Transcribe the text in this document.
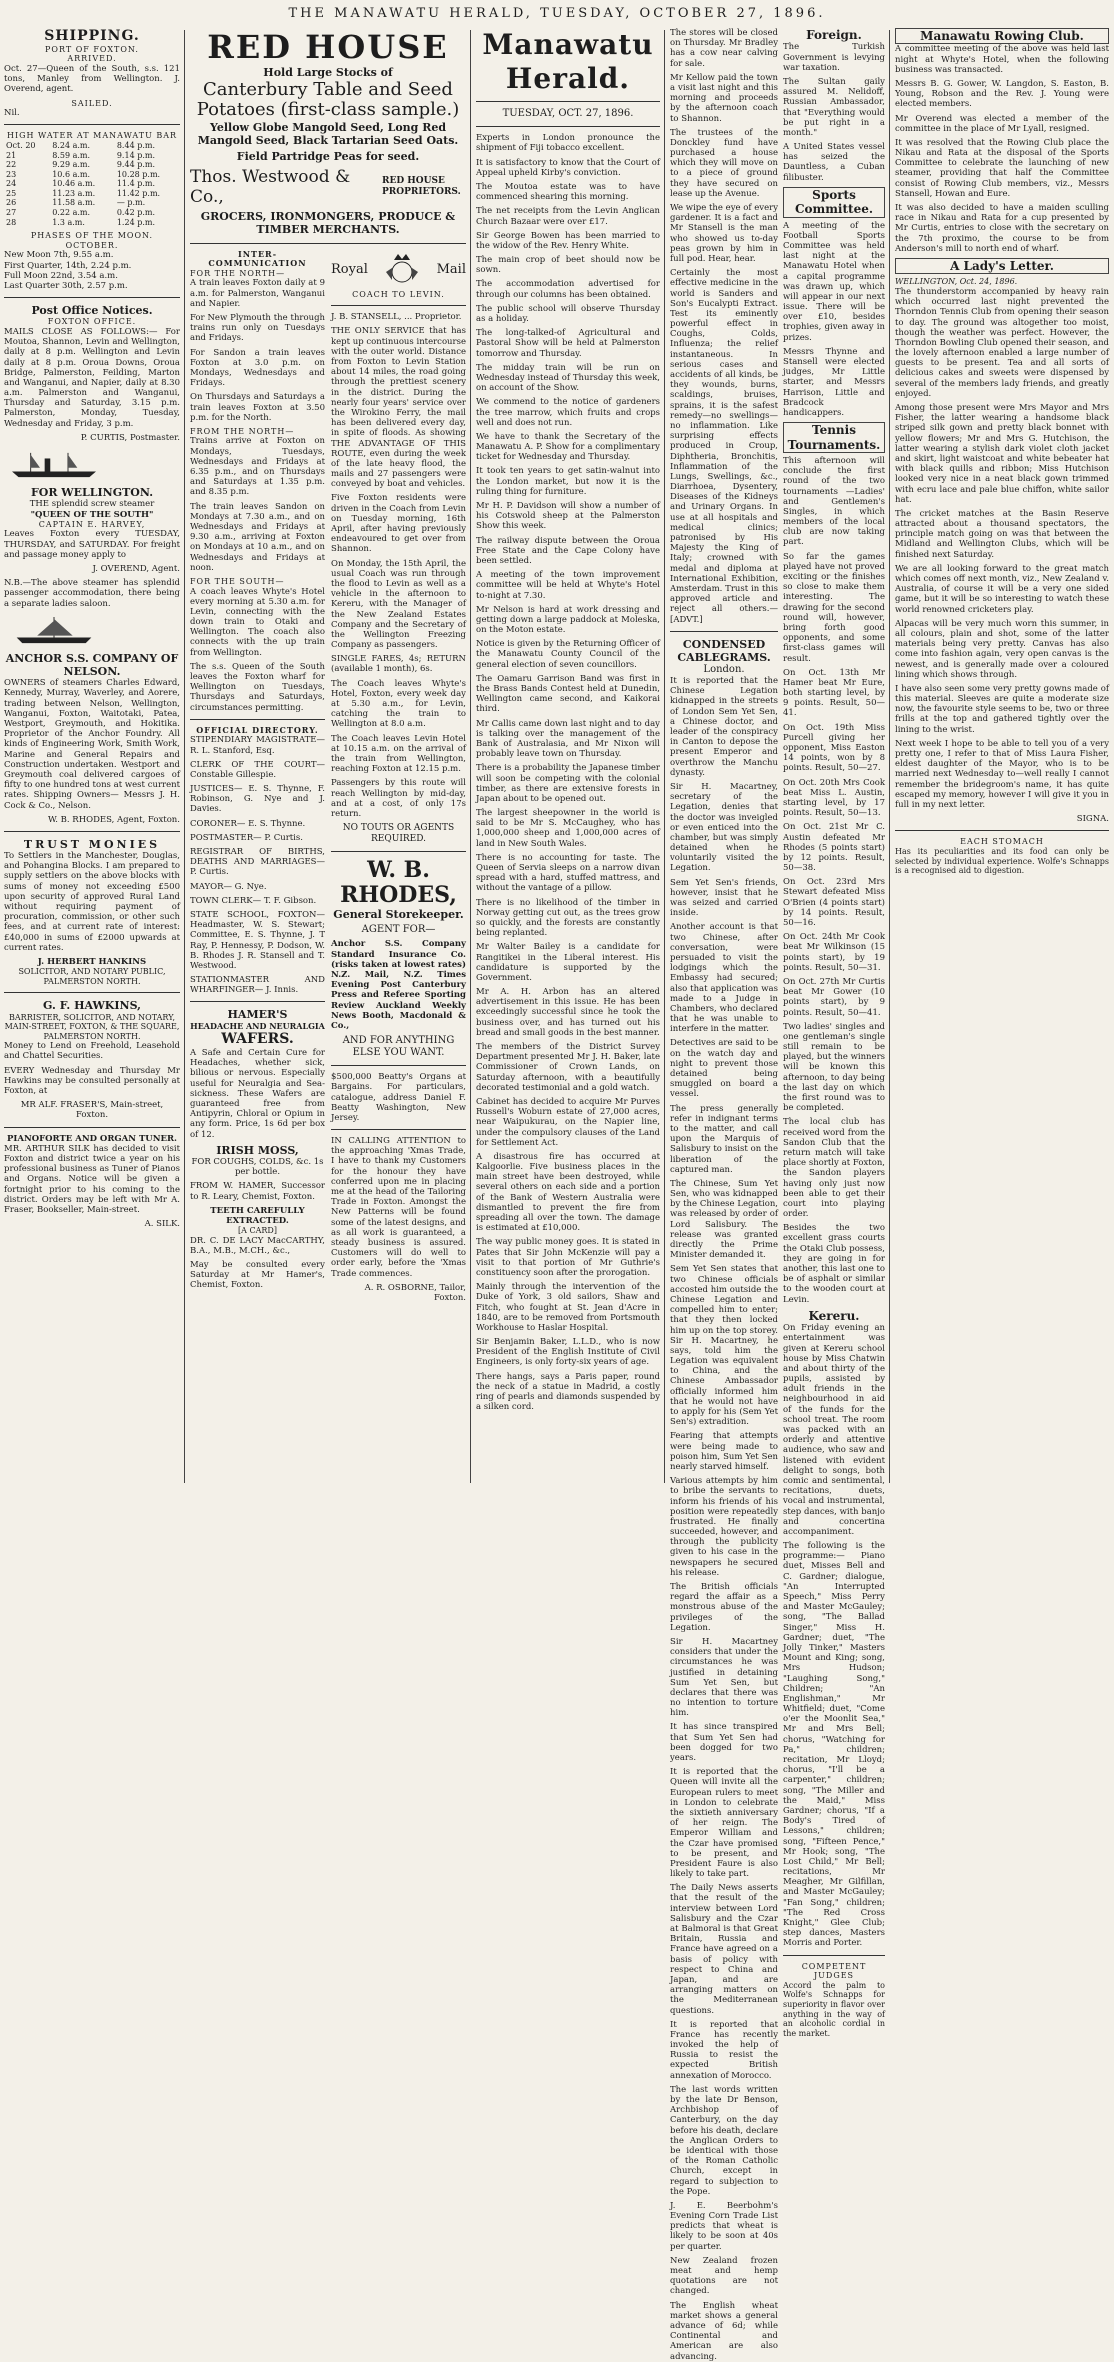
THE MANAWATU HERALD, TUESDAY, OCTOBER 27, 1896.
SHIPPING.
PORT OF FOXTON.
ARRIVED.

Oct. 27—Queen of the South, s.s. 121 tons, Manley from Wellington. J. Overend, agent.

SAILED.

Nil.

HIGH WATER AT MANAWATU BAR
Oct. 20	8.24 a.m.	8.44 p.m.
21	8.59 a.m.	9.14 p.m.
22	9.29 a.m.	9.44 p.m.
23	10.6 a.m.	10.28 p.m.
24	10.46 a.m.	11.4 p.m.
25	11.23 a.m.	11.42 p.m.
26	11.58 a.m.	— p.m.
27	0.22 a.m.	0.42 p.m.
28	1.3 a.m.	1.24 p.m.
PHASES OF THE MOON.
OCTOBER.
New Moon 7th, 9.55 a.m.
First Quarter, 14th, 2.24 p.m.
Full Moon 22nd, 3.54 a.m.
Last Quarter 30th, 2.57 p.m.
Post Office Notices.
FOXTON OFFICE.

MAILS CLOSE AS FOLLOWS:— For Moutoa, Shannon, Levin and Wellington, daily at 8 p.m. Wellington and Levin daily at 8 p.m. Oroua Downs, Oroua Bridge, Palmerston, Feilding, Marton and Wanganui, and Napier, daily at 8.30 a.m. Palmerston and Wanganui, Thursday and Saturday, 3.15 p.m. Palmerston, Monday, Tuesday, Wednesday and Friday, 3 p.m.

P. CURTIS, Postmaster.

FOR WELLINGTON.
THE splendid screw steamer
"QUEEN OF THE SOUTH"
CAPTAIN E. HARVEY,

Leaves Foxton every TUESDAY, THURSDAY, and SATURDAY. For freight and passage money apply to

J. OVEREND, Agent.

N.B.—The above steamer has splendid passenger accommodation, there being a separate ladies saloon.

ANCHOR S.S. COMPANY OF NELSON.

OWNERS of steamers Charles Edward, Kennedy, Murray, Waverley, and Aorere, trading between Nelson, Wellington, Wanganui, Foxton, Waitotaki, Patea, Westport, Greymouth, and Hokitika. Proprietor of the Anchor Foundry. All kinds of Engineering Work, Smith Work, Marine and General Repairs and Construction undertaken. Westport and Greymouth coal delivered cargoes of fifty to one hundred tons at west current rates. Shipping Owners— Messrs J. H. Cock & Co., Nelson.

W. B. RHODES, Agent, Foxton.

TRUST MONIES

To Settlers in the Manchester, Douglas, and Pohangina Blocks. I am prepared to supply settlers on the above blocks with sums of money not exceeding £500 upon security of approved Rural Land without requiring payment of procuration, commission, or other such fees, and at current rate of interest: £40,000 in sums of £2000 upwards at current rates.

J. HERBERT HANKINS
SOLICITOR, AND NOTARY PUBLIC, PALMERSTON NORTH.
G. F. HAWKINS,
BARRISTER, SOLICITOR, AND NOTARY, MAIN-STREET, FOXTON, & THE SQUARE, PALMERSTON NORTH.

Money to Lend on Freehold, Leasehold and Chattel Securities.

EVERY Wednesday and Thursday Mr Hawkins may be consulted personally at Foxton, at

MR ALF. FRASER'S, Main-street, Foxton.
PIANOFORTE AND ORGAN TUNER.

MR. ARTHUR SILK has decided to visit Foxton and district twice a year on his professional business as Tuner of Pianos and Organs. Notice will be given a fortnight prior to his coming to the district. Orders may be left with Mr A. Fraser, Bookseller, Main-street.

A. SILK.

RED HOUSE
Hold Large Stocks of
Canterbury Table and Seed Potatoes (first-class sample.)
Yellow Globe Mangold Seed, Long Red Mangold Seed, Black Tartarian Seed Oats.
Field Partridge Peas for seed.
Thos. Westwood & Co.,
RED HOUSE PROPRIETORS.
GROCERS, IRONMONGERS, PRODUCE & TIMBER MERCHANTS.
INTER-COMMUNICATION
FOR THE NORTH—

A train leaves Foxton daily at 9 a.m. for Palmerston, Wanganui and Napier.

For New Plymouth the through trains run only on Tuesdays and Fridays.

For Sandon a train leaves Foxton at 3.0 p.m. on Mondays, Wednesdays and Fridays.

On Thursdays and Saturdays a train leaves Foxton at 3.50 p.m. for the North.

FROM THE NORTH—

Trains arrive at Foxton on Mondays, Tuesdays, Wednesdays and Fridays at 6.35 p.m., and on Thursdays and Saturdays at 1.35 p.m. and 8.35 p.m.

The train leaves Sandon on Mondays at 7.30 a.m., and on Wednesdays and Fridays at 9.30 a.m., arriving at Foxton on Mondays at 10 a.m., and on Wednesdays and Fridays at noon.

FOR THE SOUTH—

A coach leaves Whyte's Hotel every morning at 5.30 a.m. for Levin, connecting with the down train to Otaki and Wellington. The coach also connects with the up train from Wellington.

The s.s. Queen of the South leaves the Foxton wharf for Wellington on Tuesdays, Thursdays and Saturdays, circumstances permitting.

OFFICIAL DIRECTORY.

STIPENDIARY MAGISTRATE— R. L. Stanford, Esq.

CLERK OF THE COURT— Constable Gillespie.

JUSTICES— E. S. Thynne, F. Robinson, G. Nye and J. Davies.

CORONER— E. S. Thynne.

POSTMASTER— P. Curtis.

REGISTRAR OF BIRTHS, DEATHS AND MARRIAGES— P. Curtis.

MAYOR— G. Nye.

TOWN CLERK— T. F. Gibson.

STATE SCHOOL, FOXTON— Headmaster, W. S. Stewart; Committee, E. S. Thynne, J. T Ray, P. Hennessy, P. Dodson, W. B. Rhodes J. R. Stansell and T. Westwood.

STATIONMASTER AND WHARFINGER— J. Innis.

HAMER'S
HEADACHE AND NEURALGIA
WAFERS.

A Safe and Certain Cure for Headaches, whether sick, bilious or nervous. Especially useful for Neuralgia and Sea-sickness. These Wafers are guaranteed free from Antipyrin, Chloral or Opium in any form. Price, 1s 6d per box of 12.

IRISH MOSS,

FOR COUGHS, COLDS, &c. 1s per bottle.

FROM W. HAMER, Successor to R. Leary, Chemist, Foxton.

TEETH CAREFULLY EXTRACTED.
[A CARD]

DR. C. DE LACY MacCARTHY, B.A., M.B., M.CH., &c.,

May be consulted every Saturday at Mr Hamer's, Chemist, Foxton.

Royal	Mail
COACH TO LEVIN.

J. B. STANSELL, ... Proprietor.

THE ONLY SERVICE that has kept up continuous intercourse with the outer world. Distance from Foxton to Levin Station about 14 miles, the road going through the prettiest scenery in the district. During the nearly four years' service over the Wirokino Ferry, the mail has been delivered every day, in spite of floods. As showing THE ADVANTAGE OF THIS ROUTE, even during the week of the late heavy flood, the mails and 27 passengers were conveyed by boat and vehicles.

Five Foxton residents were driven in the Coach from Levin on Tuesday morning, 16th April, after having previously endeavoured to get over from Shannon.

On Monday, the 15th April, the usual Coach was run through the flood to Levin as well as a vehicle in the afternoon to Kereru, with the Manager of the New Zealand Estates Company and the Secretary of the Wellington Freezing Company as passengers.

SINGLE FARES, 4s; RETURN (available 1 month), 6s.

The Coach leaves Whyte's Hotel, Foxton, every week day at 5.30 a.m., for Levin, catching the train to Wellington at 8.0 a.m.

The Coach leaves Levin Hotel at 10.15 a.m. on the arrival of the train from Wellington, reaching Foxton at 12.15 p.m.

Passengers by this route will reach Wellington by mid-day, and at a cost, of only 17s return.

NO TOUTS OR AGENTS REQUIRED.
W. B. RHODES,
General Storekeeper.
AGENT FOR—

Anchor S.S. Company Standard Insurance Co. (risks taken at lowest rates) N.Z. Mail, N.Z. Times Evening Post Canterbury Press and Referee Sporting Review Auckland Weekly News Booth, Macdonald & Co.,

AND FOR ANYTHING ELSE YOU WANT.

$500,000 Beatty's Organs at Bargains. For particulars, catalogue, address Daniel F. Beatty Washington, New Jersey.

IN CALLING ATTENTION to the approaching 'Xmas Trade, I have to thank my Customers for the honour they have conferred upon me in placing me at the head of the Tailoring Trade in Foxton. Amongst the New Patterns will be found some of the latest designs, and as all work is guaranteed, a steady business is assured. Customers will do well to order early, before the 'Xmas Trade commences.

A. R. OSBORNE, Tailor, Foxton.

Manawatu Herald.
TUESDAY, OCT. 27, 1896.

Experts in London pronounce the shipment of Fiji tobacco excellent.

It is satisfactory to know that the Court of Appeal upheld Kirby's conviction.

The Moutoa estate was to have commenced shearing this morning.

The net receipts from the Levin Anglican Church Bazaar were over £17.

Sir George Bowen has been married to the widow of the Rev. Henry White.

The main crop of beet should now be sown.

The accommodation advertised for through our columns has been obtained.

The public school will observe Thursday as a holiday.

The long-talked-of Agricultural and Pastoral Show will be held at Palmerston tomorrow and Thursday.

The midday train will be run on Wednesday instead of Thursday this week, on account of the Show.

We commend to the notice of gardeners the tree marrow, which fruits and crops well and does not run.

We have to thank the Secretary of the Manawatu A. P. Show for a complimentary ticket for Wednesday and Thursday.

It took ten years to get satin-walnut into the London market, but now it is the ruling thing for furniture.

Mr H. P. Davidson will show a number of his Cotswold sheep at the Palmerston Show this week.

The railway dispute between the Oroua Free State and the Cape Colony have been settled.

A meeting of the town improvement committee will be held at Whyte's Hotel to-night at 7.30.

Mr Nelson is hard at work dressing and getting down a large paddock at Moleska, on the Moton estate.

Notice is given by the Returning Officer of the Manawatu County Council of the general election of seven councillors.

The Oamaru Garrison Band was first in the Brass Bands Contest held at Dunedin, Wellington came second, and Kaikorai third.

Mr Callis came down last night and to day is talking over the management of the Bank of Australasia, and Mr Nixon will probably leave town on Thursday.

There is a probability the Japanese timber will soon be competing with the colonial timber, as there are extensive forests in Japan about to be opened out.

The largest sheepowner in the world is said to be Mr S. McCaughey, who has 1,000,000 sheep and 1,000,000 acres of land in New South Wales.

There is no accounting for taste. The Queen of Servia sleeps on a narrow divan spread with a hard, stuffed mattress, and without the vantage of a pillow.

There is no likelihood of the timber in Norway getting cut out, as the trees grow so quickly, and the forests are constantly being replanted.

Mr Walter Bailey is a candidate for Rangitikei in the Liberal interest. His candidature is supported by the Government.

Mr A. H. Arbon has an altered advertisement in this issue. He has been exceedingly successful since he took the business over, and has turned out his bread and small goods in the best manner.

The members of the District Survey Department presented Mr J. H. Baker, late Commissioner of Crown Lands, on Saturday afternoon, with a beautifully decorated testimonial and a gold watch.

Cabinet has decided to acquire Mr Purves Russell's Woburn estate of 27,000 acres, near Waipukurau, on the Napier line, under the compulsory clauses of the Land for Settlement Act.

A disastrous fire has occurred at Kalgoorlie. Five business places in the main street have been destroyed, while several others on each side and a portion of the Bank of Western Australia were dismantled to prevent the fire from spreading all over the town. The damage is estimated at £10,000.

The way public money goes. It is stated in Pates that Sir John McKenzie will pay a visit to that portion of Mr Guthrie's constituency soon after the prorogation.

Mainly through the intervention of the Duke of York, 3 old sailors, Shaw and Fitch, who fought at St. Jean d'Acre in 1840, are to be removed from Portsmouth Workhouse to Haslar Hospital.

Sir Benjamin Baker, L.L.D., who is now President of the English Institute of Civil Engineers, is only forty-six years of age.

There hangs, says a Paris paper, round the neck of a statue in Madrid, a costly ring of pearls and diamonds suspended by a silken cord.

The stores will be closed on Thursday. Mr Bradley has a cow near calving for sale.

Mr Kellow paid the town a visit last night and this morning and proceeds by the afternoon coach to Shannon.

The trustees of the Donckley fund have purchased a house which they will move on to a piece of ground they have secured on lease up the Avenue.

We wipe the eye of every gardener. It is a fact and Mr Stansell is the man who showed us to-day peas grown by him in full pod. Hear, hear.

Certainly the most effective medicine in the world is Sanders and Son's Eucalypti Extract. Test its eminently powerful effect in Coughs, Colds, Influenza; the relief instantaneous. In serious cases and accidents of all kinds, be they wounds, burns, scaldings, bruises, sprains, it is the safest remedy—no swellings—no inflammation. Like surprising effects produced in Croup, Diphtheria, Bronchitis, Inflammation of the Lungs, Swellings, &c., Diarrhoea, Dysentery, Diseases of the Kidneys and Urinary Organs. In use at all hospitals and medical clinics; patronised by His Majesty the King of Italy; crowned with medal and diploma at International Exhibition, Amsterdam. Trust in this approved article and reject all others.—[ADVT.]

CONDENSED CABLEGRAMS.
London.

It is reported that the Chinese Legation kidnapped in the streets of London Sem Yet Sen, a Chinese doctor, and leader of the conspiracy in Canton to depose the present Emperor and overthrow the Manchu dynasty.

Sir H. Macartney, secretary of the Legation, denies that the doctor was inveigled or even enticed into the chamber, but was simply detained when he voluntarily visited the Legation.

Sem Yet Sen's friends, however, insist that he was seized and carried inside.

Another account is that two Chinese, after conversation, were persuaded to visit the lodgings which the Embassy had secured; also that application was made to a Judge in Chambers, who declared that he was unable to interfere in the matter.

Detectives are said to be on the watch day and night to prevent those detained being smuggled on board a vessel.

The press generally refer in indignant terms to the matter, and call upon the Marquis of Salisbury to insist on the liberation of the captured man.

The Chinese, Sum Yet Sen, who was kidnapped by the Chinese Legation, was released by order of Lord Salisbury. The release was granted directly the Prime Minister demanded it.

Sem Yet Sen states that two Chinese officials accosted him outside the Chinese Legation and compelled him to enter; that they then locked him up on the top storey. Sir H. Macartney, he says, told him the Legation was equivalent to China, and the Chinese Ambassador officially informed him that he would not have to apply for his (Sem Yet Sen's) extradition.

Fearing that attempts were being made to poison him, Sum Yet Sen nearly starved himself.

Various attempts by him to bribe the servants to inform his friends of his position were repeatedly frustrated. He finally succeeded, however, and through the publicity given to his case in the newspapers he secured his release.

The British officials regard the affair as a monstrous abuse of the privileges of the Legation.

Sir H. Macartney considers that under the circumstances he was justified in detaining Sum Yet Sen, but declares that there was no intention to torture him.

It has since transpired that Sum Yet Sen had been dogged for two years.

It is reported that the Queen will invite all the European rulers to meet in London to celebrate the sixtieth anniversary of her reign. The Emperor William and the Czar have promised to be present, and President Faure is also likely to take part.

The Daily News asserts that the result of the interview between Lord Salisbury and the Czar at Balmoral is that Great Britain, Russia and France have agreed on a basis of policy with respect to China and Japan, and are arranging matters on the Mediterranean questions.

It is reported that France has recently invoked the help of Russia to resist the expected British annexation of Morocco.

The last words written by the late Dr Benson, Archbishop of Canterbury, on the day before his death, declare the Anglican Orders to be identical with those of the Roman Catholic Church, except in regard to subjection to the Pope.

J. E. Beerbohm's Evening Corn Trade List predicts that wheat is likely to be soon at 40s per quarter.

New Zealand frozen meat and hemp quotations are not changed.

The English wheat market shows a general advance of 6d; while Continental and American are also advancing.

Foreign.

The Turkish Government is levying war taxation.

The Sultan gaily assured M. Nelidoff, Russian Ambassador, that "Everything would be put right in a month."

A United States vessel has seized the Dauntless, a Cuban filibuster.

Sports Committee.

A meeting of the Football Sports Committee was held last night at the Manawatu Hotel when a capital programme was drawn up, which will appear in our next issue. There will be over £10, besides trophies, given away in prizes.

Messrs Thynne and Stansell were elected judges, Mr Little starter, and Messrs Harrison, Little and Bradcock handicappers.

Tennis Tournaments.

This afternoon will conclude the first round of the two tournaments —Ladies' and Gentlemen's Singles, in which members of the local club are now taking part.

So far the games played have not proved exciting or the finishes so close to make them interesting. The drawing for the second round will, however, bring forth good opponents, and some first-class games will result.

On Oct. 13th Mr Hamer beat Mr Eure, both starting level, by 9 points. Result, 50—41.

On Oct. 19th Miss Purcell giving her opponent, Miss Easton 14 points, won by 8 points. Result, 50—27.

On Oct. 20th Mrs Cook beat Miss L. Austin, starting level, by 17 points. Result, 50—13.

On Oct. 21st Mr C. Austin defeated Mr Rhodes (5 points start) by 12 points. Result, 50—38.

On Oct. 23rd Mrs Stewart defeated Miss O'Brien (4 points start) by 14 points. Result, 50—16.

On Oct. 24th Mr Cook beat Mr Wilkinson (15 points start), by 19 points. Result, 50—31.

On Oct. 27th Mr Curtis beat Mr Gower (10 points start), by 9 points. Result, 50—41.

Two ladies' singles and one gentleman's single still remain to be played, but the winners will be known this afternoon, to day being the last day on which the first round was to be completed.

The local club has received word from the Sandon Club that the return match will take place shortly at Foxton, the Sandon players having only just now been able to get their court into playing order.

Besides the two excellent grass courts the Otaki Club possess, they are going in for another, this last one to be of asphalt or similar to the wooden court at Levin.

Kereru.

On Friday evening an entertainment was given at Kereru school house by Miss Chatwin and about thirty of the pupils, assisted by adult friends in the neighbourhood in aid of the funds for the school treat. The room was packed with an orderly and attentive audience, who saw and listened with evident delight to songs, both comic and sentimental, recitations, duets, vocal and instrumental, step dances, with banjo and concertina accompaniment.

The following is the programme:— Piano duet, Misses Bell and C. Gardner; dialogue, "An Interrupted Speech," Miss Perry and Master McGauley; song, "The Ballad Singer," Miss H. Gardner; duet, "The Jolly Tinker," Masters Mount and King; song, Mrs Hudson; "Laughing Song," Children; "An Englishman," Mr Whitfield; duet, "Come o'er the Moonlit Sea," Mr and Mrs Bell; chorus, "Watching for Pa," children; recitation, Mr Lloyd; chorus, "I'll be a carpenter," children; song, "The Miller and the Maid," Miss Gardner; chorus, "If a Body's Tired of Lessons," children; song, "Fifteen Pence," Mr Hook; song, "The Lost Child," Mr Bell; recitations, Mr Meagher, Mr Gilfillan, and Master McGauley; "Fan Song," children; "The Red Cross Knight," Glee Club; step dances, Masters Morris and Porter.

COMPETENT JUDGES

Accord the palm to Wolfe's Schnapps for superiority in flavor over anything in the way of an alcoholic cordial in the market.

Manawatu Rowing Club.

A committee meeting of the above was held last night at Whyte's Hotel, when the following business was transacted.

Messrs B. G. Gower, W. Langdon, S. Easton, B. Young, Robson and the Rev. J. Young were elected members.

Mr Overend was elected a member of the committee in the place of Mr Lyall, resigned.

It was resolved that the Rowing Club place the Nikau and Rata at the disposal of the Sports Committee to celebrate the launching of new steamer, providing that half the Committee consist of Rowing Club members, viz., Messrs Stansell, Howan and Eure.

It was also decided to have a maiden sculling race in Nikau and Rata for a cup presented by Mr Curtis, entries to close with the secretary on the 7th proximo, the course to be from Anderson's mill to north end of wharf.

A Lady's Letter.
WELLINGTON, Oct. 24, 1896.

The thunderstorm accompanied by heavy rain which occurred last night prevented the Thorndon Tennis Club from opening their season to day. The ground was altogether too moist, though the weather was perfect. However, the Thorndon Bowling Club opened their season, and the lovely afternoon enabled a large number of guests to be present. Tea and all sorts of delicious cakes and sweets were dispensed by several of the members lady friends, and greatly enjoyed.

Among those present were Mrs Mayor and Mrs Fisher, the latter wearing a handsome black striped silk gown and pretty black bonnet with yellow flowers; Mr and Mrs G. Hutchison, the latter wearing a stylish dark violet cloth jacket and skirt, light waistcoat and white bebeater hat with black quills and ribbon; Miss Hutchison looked very nice in a neat black gown trimmed with ecru lace and pale blue chiffon, white sailor hat.

The cricket matches at the Basin Reserve attracted about a thousand spectators, the principle match going on was that between the Midland and Wellington Clubs, which will be finished next Saturday.

We are all looking forward to the great match which comes off next month, viz., New Zealand v. Australia, of course it will be a very one sided game, but it will be so interesting to watch these world renowned cricketers play.

Alpacas will be very much worn this summer, in all colours, plain and shot, some of the latter materials being very pretty. Canvas has also come into fashion again, very open canvas is the newest, and is generally made over a coloured lining which shows through.

I have also seen some very pretty gowns made of this material. Sleeves are quite a moderate size now, the favourite style seems to be, two or three frills at the top and gathered tightly over the lining to the wrist.

Next week I hope to be able to tell you of a very pretty one, I refer to that of Miss Laura Fisher, eldest daughter of the Mayor, who is to be married next Wednesday to—well really I cannot remember the bridegroom's name, it has quite escaped my memory, however I will give it you in full in my next letter.

SIGNA.

EACH STOMACH

Has its peculiarities and its food can only be selected by individual experience. Wolfe's Schnapps is a recognised aid to digestion.
